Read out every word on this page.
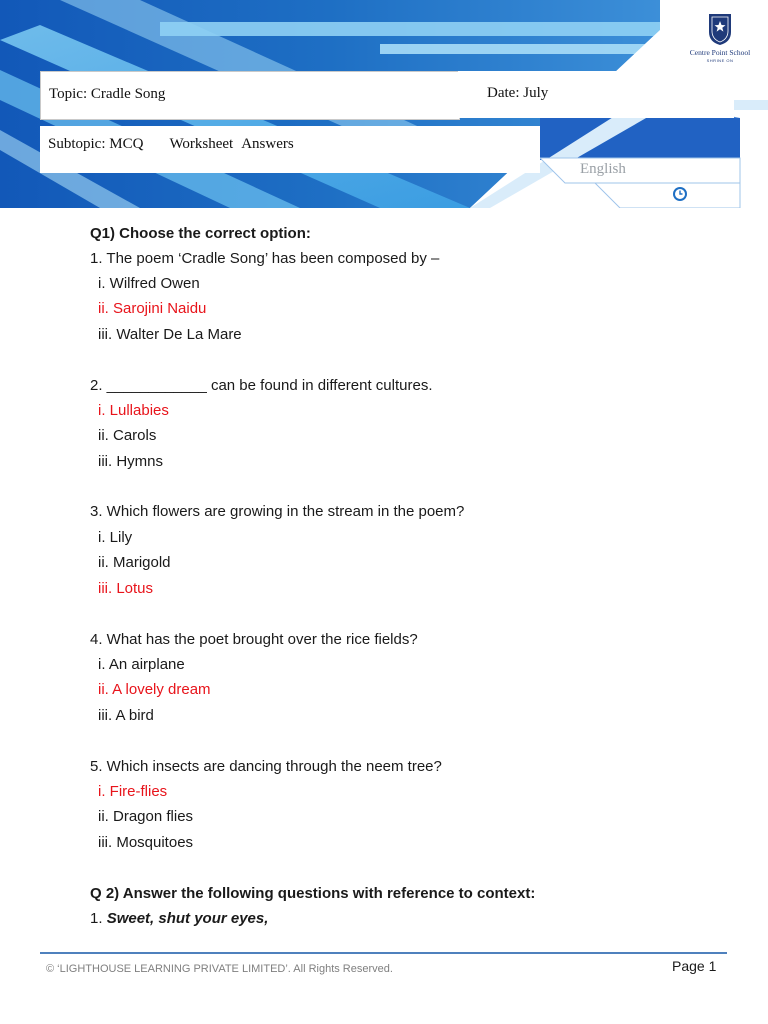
Topic: Cradle Song	Date: July
Subtopic: MCQ Worksheet Answers
English
Centre Point School
SHRINE ON
Q1) Choose the correct option:
1. The poem ‘Cradle Song’ has been composed by –
i. Wilfred Owen
ii. Sarojini Naidu
iii. Walter De La Mare
2. ____________ can be found in different cultures.
i. Lullabies
ii. Carols
iii. Hymns
3. Which flowers are growing in the stream in the poem?
i. Lily
ii. Marigold
iii. Lotus
4. What has the poet brought over the rice fields?
i. An airplane
ii. A lovely dream
iii. A bird
5. Which insects are dancing through the neem tree?
i. Fire-flies
ii. Dragon flies
iii. Mosquitoes
Q 2) Answer the following questions with reference to context:
1. Sweet, shut your eyes,
© ‘LIGHTHOUSE LEARNING PRIVATE LIMITED’. All Rights Reserved.	Page 1
